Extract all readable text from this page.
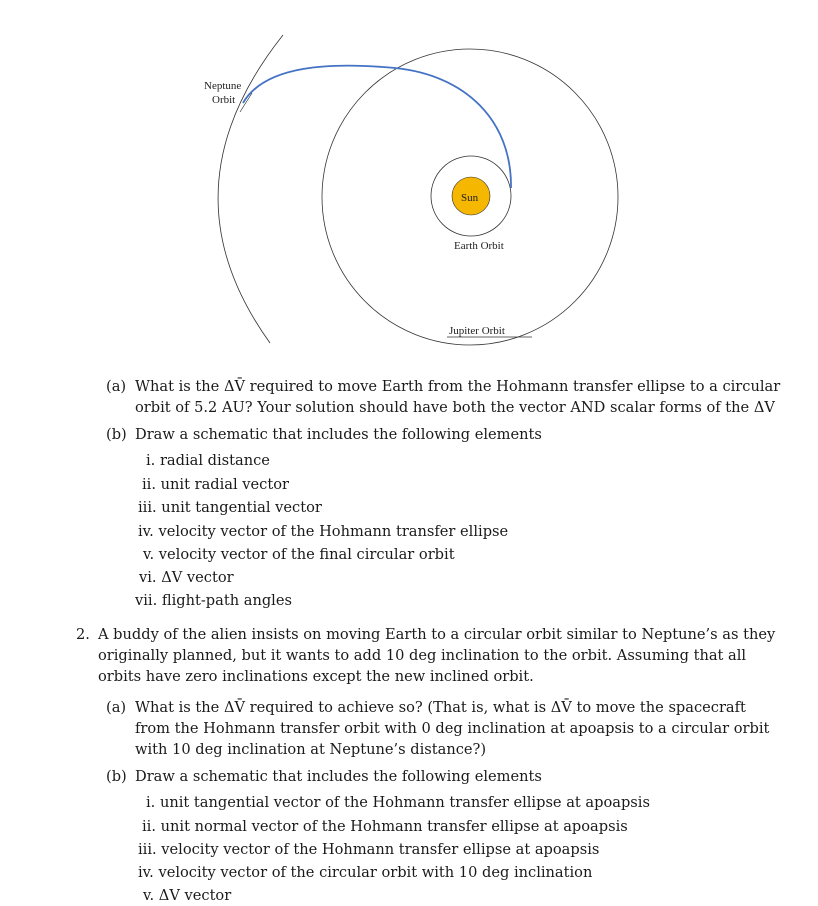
Neptune
Orbit
Sun
Earth Orbit
Jupiter Orbit
(a) What is the ΔV̄ required to move Earth from the Hohmann transfer ellipse to a circular
orbit of 5.2 AU? Your solution should have both the vector AND scalar forms of the ΔV
(b) Draw a schematic that includes the following elements
i. radial distance
ii. unit radial vector
iii. unit tangential vector
iv. velocity vector of the Hohmann transfer ellipse
v. velocity vector of the final circular orbit
vi. ΔV vector
vii. flight-path angles
2. A buddy of the alien insists on moving Earth to a circular orbit similar to Neptune’s as they
originally planned, but it wants to add 10 deg inclination to the orbit. Assuming that all
orbits have zero inclinations except the new inclined orbit.
(a) What is the ΔV̄ required to achieve so? (That is, what is ΔV̄ to move the spacecraft
from the Hohmann transfer orbit with 0 deg inclination at apoapsis to a circular orbit
with 10 deg inclination at Neptune’s distance?)
(b) Draw a schematic that includes the following elements
i. unit tangential vector of the Hohmann transfer ellipse at apoapsis
ii. unit normal vector of the Hohmann transfer ellipse at apoapsis
iii. velocity vector of the Hohmann transfer ellipse at apoapsis
iv. velocity vector of the circular orbit with 10 deg inclination
v. ΔV vector
